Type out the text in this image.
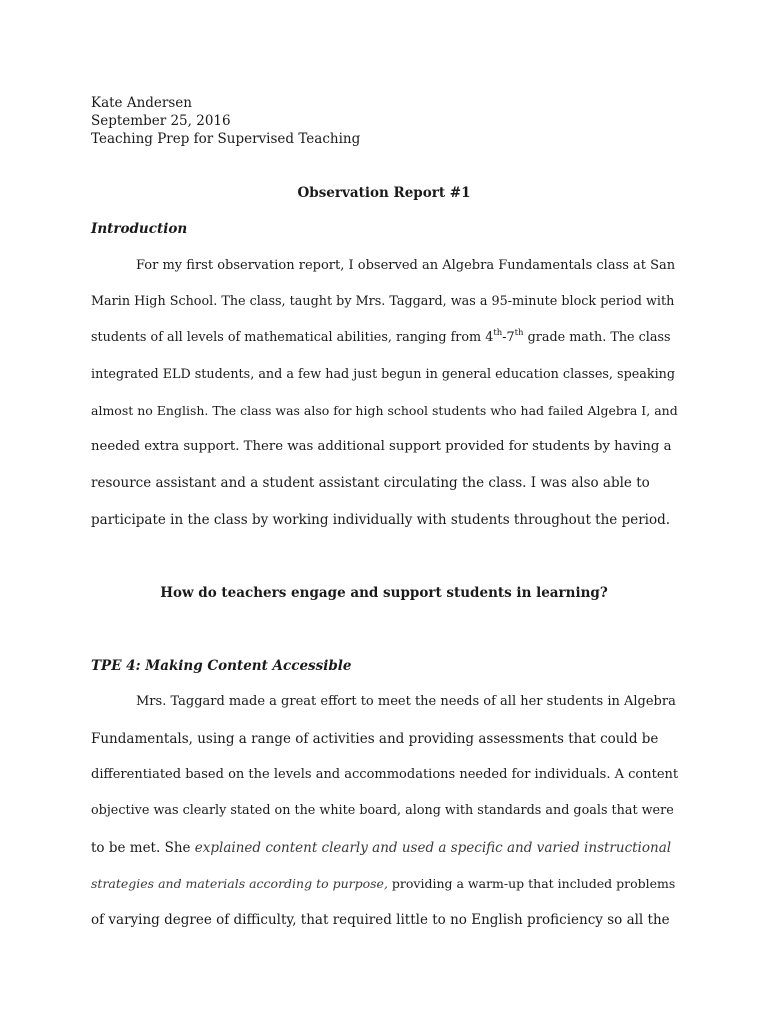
Kate Andersen
September 25, 2016
Teaching Prep for Supervised Teaching
Observation Report #1
Introduction
For my first observation report, I observed an Algebra Fundamentals class at San
Marin High School. The class, taught by Mrs. Taggard, was a 95-minute block period with
students of all levels of mathematical abilities, ranging from 4th-7th grade math. The class
integrated ELD students, and a few had just begun in general education classes, speaking
almost no English. The class was also for high school students who had failed Algebra I, and
needed extra support. There was additional support provided for students by having a
resource assistant and a student assistant circulating the class. I was also able to
participate in the class by working individually with students throughout the period.
How do teachers engage and support students in learning?
TPE 4: Making Content Accessible
Mrs. Taggard made a great effort to meet the needs of all her students in Algebra
Fundamentals, using a range of activities and providing assessments that could be
differentiated based on the levels and accommodations needed for individuals. A content
objective was clearly stated on the white board, along with standards and goals that were
to be met. She explained content clearly and used a specific and varied instructional
strategies and materials according to purpose, providing a warm-up that included problems
of varying degree of difficulty, that required little to no English proficiency so all the
